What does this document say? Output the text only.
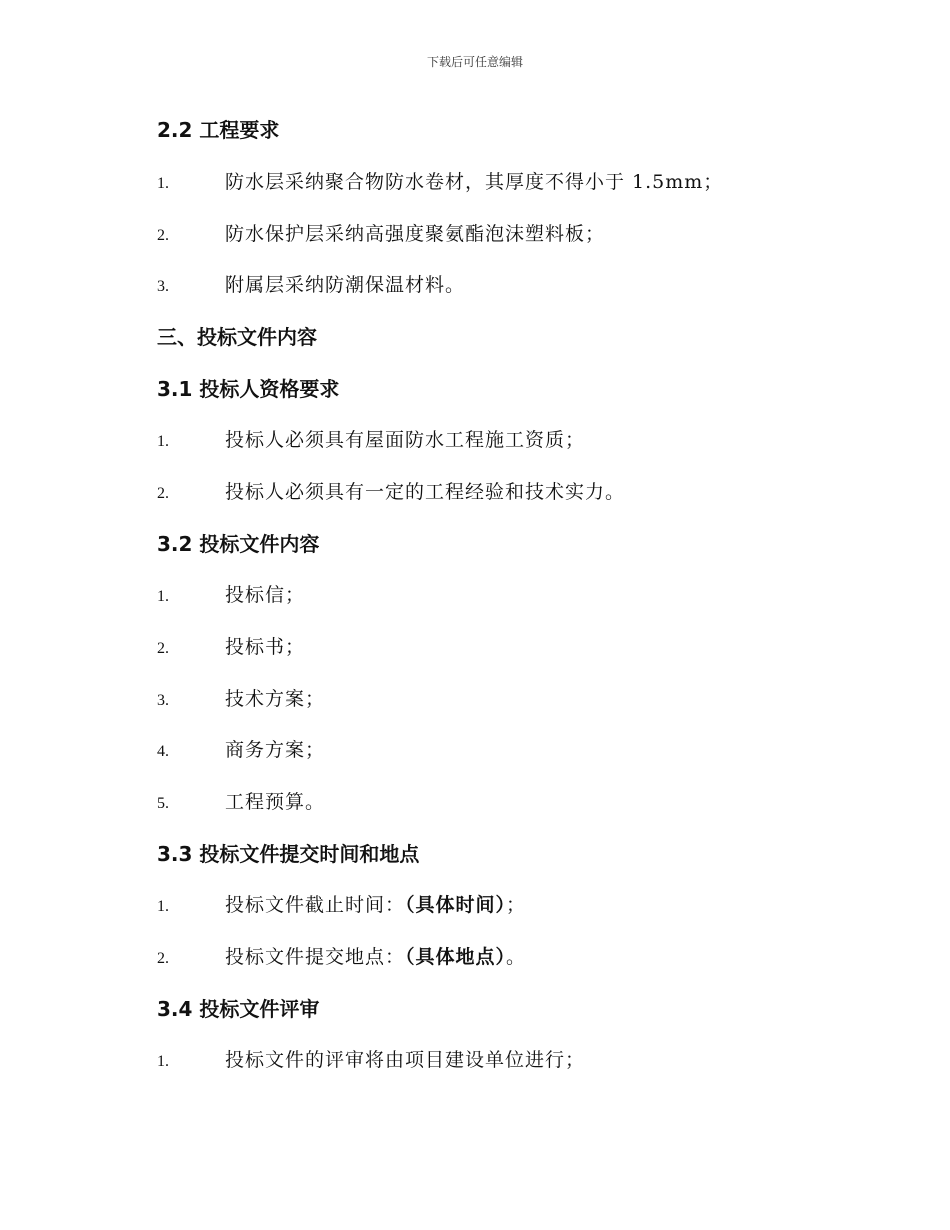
下载后可任意编辑
2.2 工程要求
1.	防水层采纳聚合物防水卷材，其厚度不得小于 1.5mm；
2.	防水保护层采纳高强度聚氨酯泡沫塑料板；
3.	附属层采纳防潮保温材料。
三、投标文件内容
3.1 投标人资格要求
1.	投标人必须具有屋面防水工程施工资质；
2.	投标人必须具有一定的工程经验和技术实力。
3.2 投标文件内容
1.	投标信；
2.	投标书；
3.	技术方案；
4.	商务方案；
5.	工程预算。
3.3 投标文件提交时间和地点
1.	投标文件截止时间：（具体时间）；
2.	投标文件提交地点：（具体地点）。
3.4 投标文件评审
1.	投标文件的评审将由项目建设单位进行；
